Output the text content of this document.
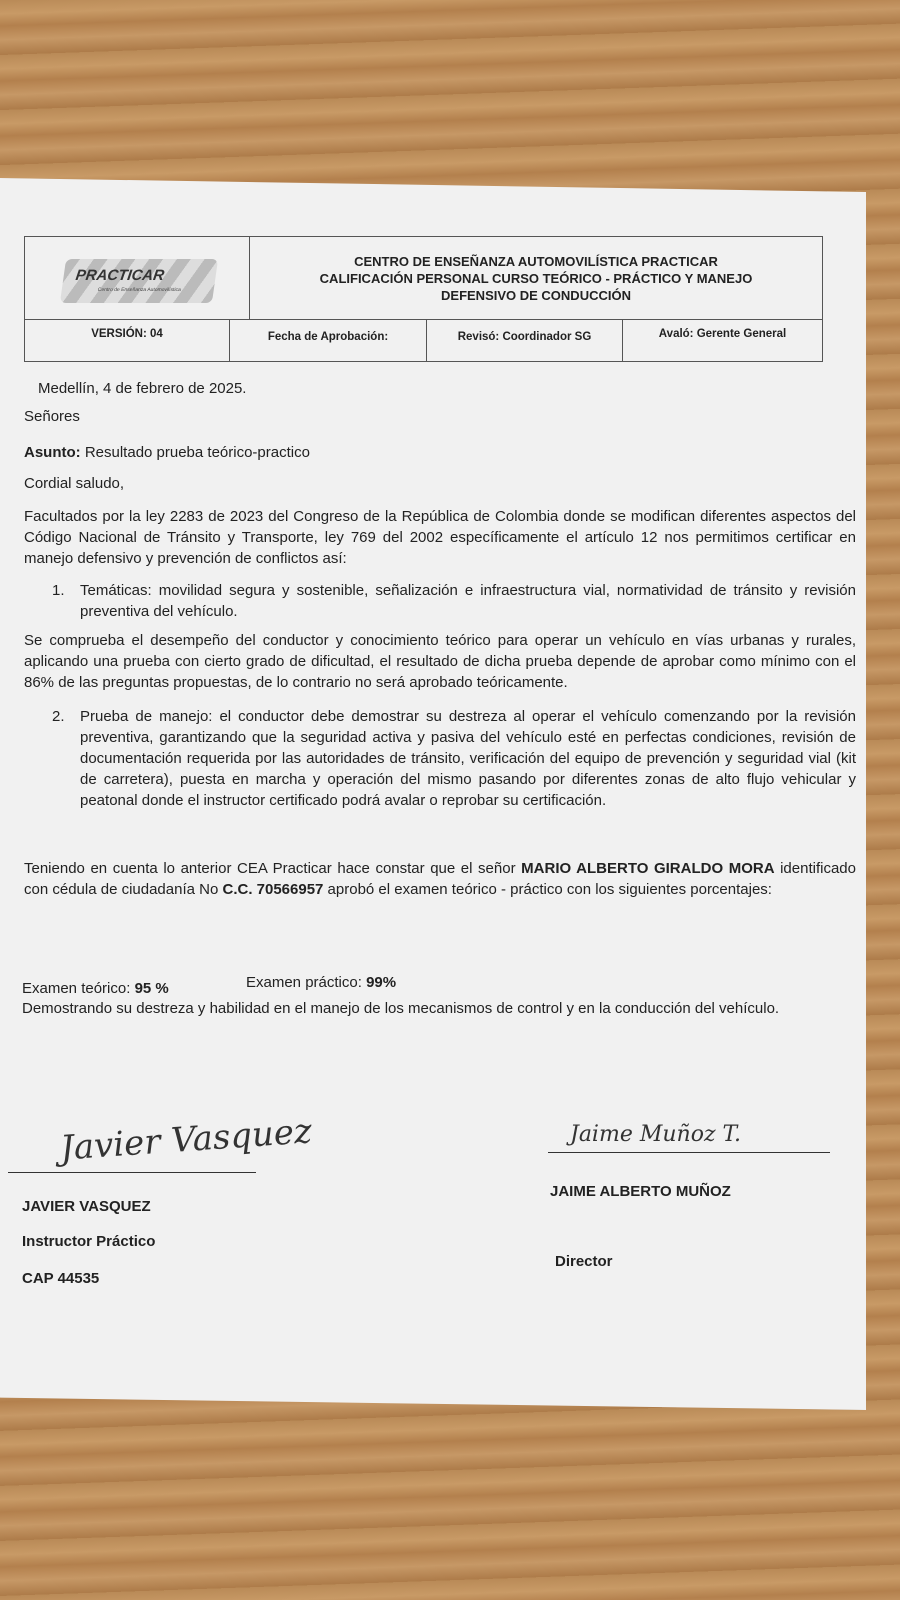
PRACTICAR
Centro de Enseñanza Automovilística
CENTRO DE ENSEÑANZA AUTOMOVILÍSTICA PRACTICAR
CALIFICACIÓN PERSONAL CURSO TEÓRICO - PRÁCTICO Y MANEJO
DEFENSIVO DE CONDUCCIÓN
VERSIÓN: 04	Fecha de Aprobación:	Revisó: Coordinador SG	Avaló: Gerente General
Medellín, 4 de febrero de 2025.
Señores
Asunto: Resultado prueba teórico-practico
Cordial saludo,
Facultados por la ley 2283 de 2023 del Congreso de la República de Colombia donde se modifican diferentes aspectos del Código Nacional de Tránsito y Transporte, ley 769 del 2002 específicamente el artículo 12 nos permitimos certificar en manejo defensivo y prevención de conflictos así:
1. Temáticas: movilidad segura y sostenible, señalización e infraestructura vial, normatividad de tránsito y revisión preventiva del vehículo.
Se comprueba el desempeño del conductor y conocimiento teórico para operar un vehículo en vías urbanas y rurales, aplicando una prueba con cierto grado de dificultad, el resultado de dicha prueba depende de aprobar como mínimo con el 86% de las preguntas propuestas, de lo contrario no será aprobado teóricamente.
2. Prueba de manejo: el conductor debe demostrar su destreza al operar el vehículo comenzando por la revisión preventiva, garantizando que la seguridad activa y pasiva del vehículo esté en perfectas condiciones, revisión de documentación requerida por las autoridades de tránsito, verificación del equipo de prevención y seguridad vial (kit de carretera), puesta en marcha y operación del mismo pasando por diferentes zonas de alto flujo vehicular y peatonal donde el instructor certificado podrá avalar o reprobar su certificación.
Teniendo en cuenta lo anterior CEA Practicar hace constar que el señor MARIO ALBERTO GIRALDO MORA identificado con cédula de ciudadanía No C.C. 70566957 aprobó el examen teórico - práctico con los siguientes porcentajes:
Examen teórico: 95 %	Examen práctico: 99%
Demostrando su destreza y habilidad en el manejo de los mecanismos de control y en la conducción del vehículo.
Javier Vasquez
JAVIER VASQUEZ
Instructor Práctico
CAP 44535
Jaime Muñoz T.
JAIME ALBERTO MUÑOZ
Director
